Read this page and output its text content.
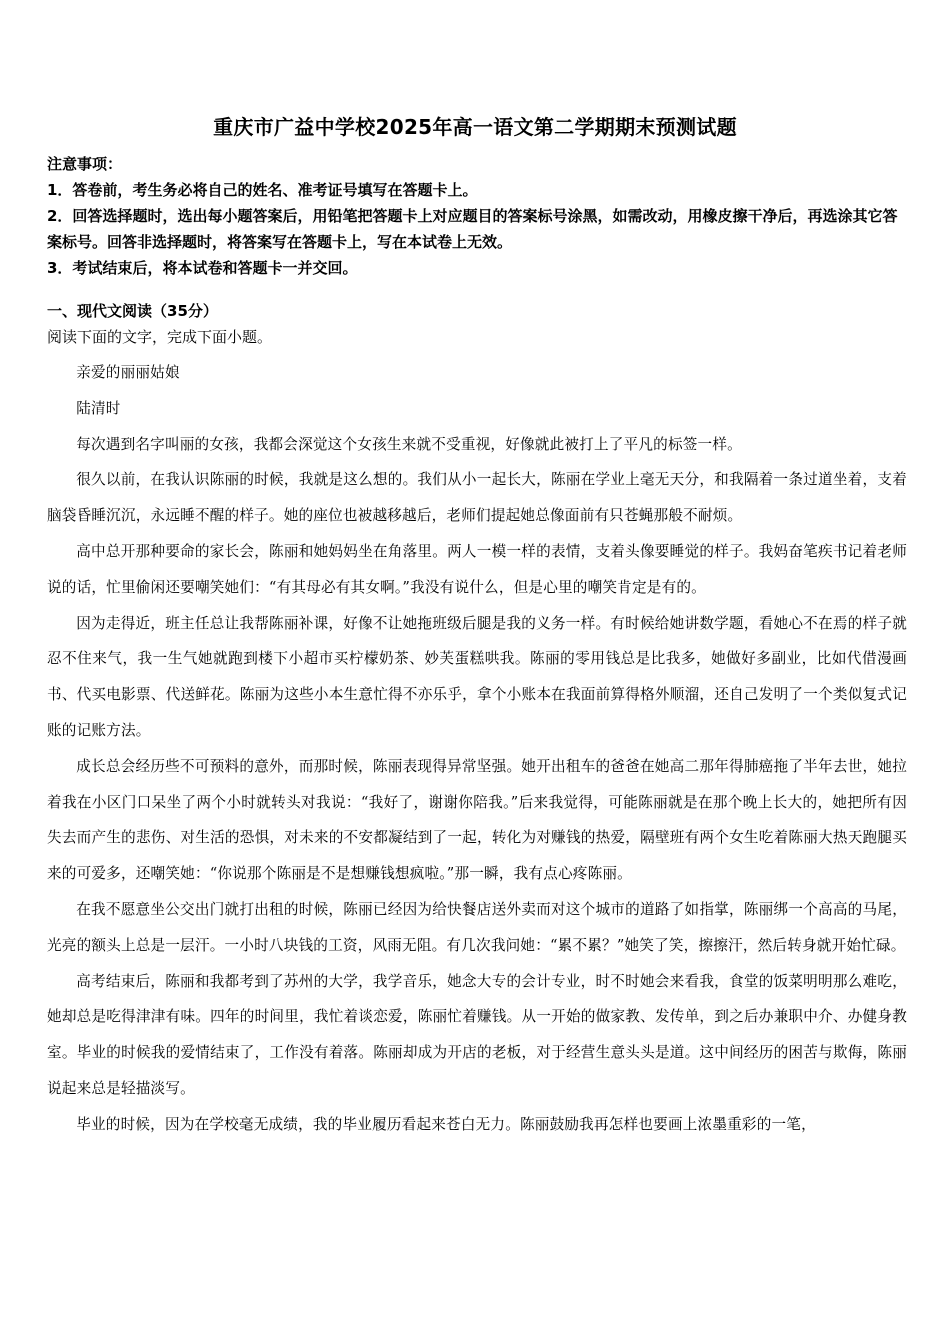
重庆市广益中学校2025年高一语文第二学期期末预测试题

注意事项：

1．答卷前，考生务必将自己的姓名、准考证号填写在答题卡上。

2．回答选择题时，选出每小题答案后，用铅笔把答题卡上对应题目的答案标号涂黑，如需改动，用橡皮擦干净后，再选涂其它答案标号。回答非选择题时，将答案写在答题卡上，写在本试卷上无效。

3．考试结束后，将本试卷和答题卡一并交回。

一、现代文阅读（35分）
阅读下面的文字，完成下面小题。

亲爱的丽丽姑娘

陆清时

每次遇到名字叫丽的女孩，我都会深觉这个女孩生来就不受重视，好像就此被打上了平凡的标签一样。

很久以前，在我认识陈丽的时候，我就是这么想的。我们从小一起长大，陈丽在学业上毫无天分，和我隔着一条过道坐着，支着脑袋昏睡沉沉，永远睡不醒的样子。她的座位也被越移越后，老师们提起她总像面前有只苍蝇那般不耐烦。

高中总开那种要命的家长会，陈丽和她妈妈坐在角落里。两人一模一样的表情，支着头像要睡觉的样子。我妈奋笔疾书记着老师说的话，忙里偷闲还要嘲笑她们：“有其母必有其女啊。”我没有说什么，但是心里的嘲笑肯定是有的。

因为走得近，班主任总让我帮陈丽补课，好像不让她拖班级后腿是我的义务一样。有时候给她讲数学题，看她心不在焉的样子就忍不住来气，我一生气她就跑到楼下小超市买柠檬奶茶、妙芙蛋糕哄我。陈丽的零用钱总是比我多，她做好多副业，比如代借漫画书、代买电影票、代送鲜花。陈丽为这些小本生意忙得不亦乐乎，拿个小账本在我面前算得格外顺溜，还自己发明了一个类似复式记账的记账方法。

成长总会经历些不可预料的意外，而那时候，陈丽表现得异常坚强。她开出租车的爸爸在她高二那年得肺癌拖了半年去世，她拉着我在小区门口呆坐了两个小时就转头对我说：“我好了，谢谢你陪我。”后来我觉得，可能陈丽就是在那个晚上长大的，她把所有因失去而产生的悲伤、对生活的恐惧，对未来的不安都凝结到了一起，转化为对赚钱的热爱，隔壁班有两个女生吃着陈丽大热天跑腿买来的可爱多，还嘲笑她：“你说那个陈丽是不是想赚钱想疯啦。”那一瞬，我有点心疼陈丽。

在我不愿意坐公交出门就打出租的时候，陈丽已经因为给快餐店送外卖而对这个城市的道路了如指掌，陈丽绑一个高高的马尾，光亮的额头上总是一层汗。一小时八块钱的工资，风雨无阻。有几次我问她：“累不累？”她笑了笑，擦擦汗，然后转身就开始忙碌。

高考结束后，陈丽和我都考到了苏州的大学，我学音乐，她念大专的会计专业，时不时她会来看我，食堂的饭菜明明那么难吃，她却总是吃得津津有味。四年的时间里，我忙着谈恋爱，陈丽忙着赚钱。从一开始的做家教、发传单，到之后办兼职中介、办健身教室。毕业的时候我的爱情结束了，工作没有着落。陈丽却成为开店的老板，对于经营生意头头是道。这中间经历的困苦与欺侮，陈丽说起来总是轻描淡写。

毕业的时候，因为在学校毫无成绩，我的毕业履历看起来苍白无力。陈丽鼓励我再怎样也要画上浓墨重彩的一笔，
